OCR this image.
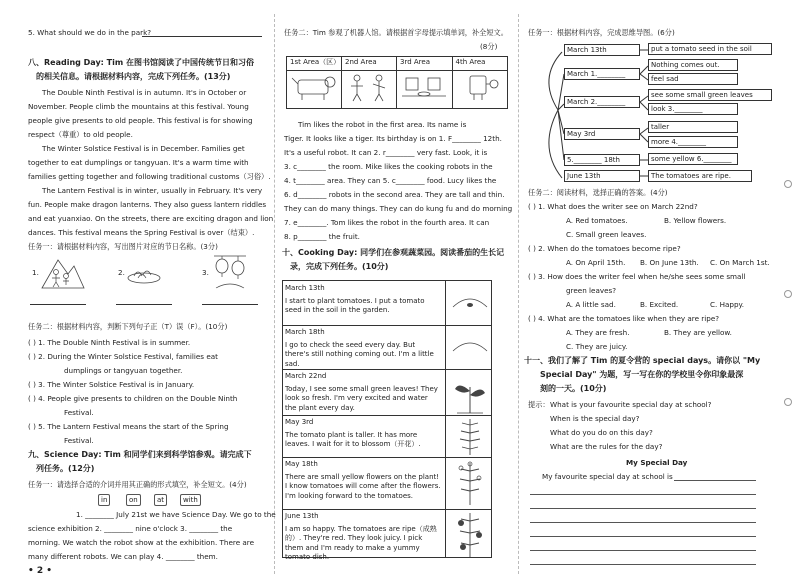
5. What should we do in the park?
八、Reading Day: Tim 在图书馆阅读了中国传统节日和习俗
的相关信息。请根据材料内容，完成下列任务。(13分)
The Double Ninth Festival is in autumn. It's in October or
November. People climb the mountains at this festival. Young
people give presents to old people. This festival is for showing
respect（尊重）to old people.
The Winter Solstice Festival is in December. Families get
together to eat dumplings or tangyuan. It's a warm time with
families getting together and following traditional customs（习俗）.
The Lantern Festival is in winter, usually in February. It's very
fun. People make dragon lanterns. They also guess lantern riddles
and eat yuanxiao. On the streets, there are exciting dragon and lion
dances. This festival means the Spring Festival is over（结束）.
任务一：请根据材料内容，写出图片对应的节日名称。(3分)
1.	2.	3.
任务二：根据材料内容，判断下列句子正（T）误（F）。(10分)
( ) 1. The Double Ninth Festival is in summer.
( ) 2. During the Winter Solstice Festival, families eat
dumplings or tangyuan together.
( ) 3. The Winter Solstice Festival is in January.
( ) 4. People give presents to children on the Double Ninth
Festival.
( ) 5. The Lantern Festival means the start of the Spring
Festival.
九、Science Day: Tim 和同学们来到科学馆参观。请完成下
列任务。(12分)
任务一：请选择合适的介词并用其正确的形式填空，补全短文。(4分)
in	on	at	with
1. ________ July 21st we have Science Day. We go to the
science exhibition 2. ________ nine o'clock 3. ________ the
morning. We watch the robot show at the exhibition. There are
many different robots. We can play 4. ________ them.
• 2 •
任务二：Tim 参观了机器人馆。请根据首字母提示填单词，补全短文。
(8分)
1st Area（区）	2nd Area	3rd Area	4th Area

Tim likes the robot in the first area. Its name is
Tiger. It looks like a tiger. Its birthday is on 1. F________ 12th.
It's a useful robot. It can 2. r________ very fast. Look, it is
3. c________ the room. Mike likes the cooking robots in the
4. t________ area. They can 5. c________ food. Lucy likes the
6. d________ robots in the second area. They are tall and thin.
They can do many things. They can do kung fu and do morning
7. e________. Tom likes the robot in the fourth area. It can
8. p________ the fruit.
十、Cooking Day: 同学们在参观蔬菜园。阅读番茄的生长记
录，完成下列任务。(10分)
March 13th
I start to plant tomatoes. I put a tomato seed in the soil in the garden.
March 18th
I go to check the seed every day. But there's still nothing coming out. I'm a little sad.
March 22nd
Today, I see some small green leaves! They look so fresh. I'm very excited and water the plant every day.
May 3rd
The tomato plant is taller. It has more leaves. I wait for it to blossom（开花）.
May 18th
There are small yellow flowers on the plant! I know tomatoes will come after the flowers. I'm looking forward to the tomatoes.
June 13th
I am so happy. The tomatoes are ripe（成熟的）. They're red. They look juicy. I pick them and I'm ready to make a yummy tomato dish.
任务一：根据材料内容，完成思维导图。(6分)
March 13th
March 1.________
March 2.________
May 3rd
5.________ 18th
June 13th
put a tomato seed in the soil
Nothing comes out.
feel sad
see some small green leaves
look 3.________
taller
more 4.________
some yellow 6.________
The tomatoes are ripe.
任务二：阅读材料，选择正确的答案。(4分)
( ) 1. What does the writer see on March 22nd?
A. Red tomatoes.	B. Yellow flowers.
C. Small green leaves.
( ) 2. When do the tomatoes become ripe?
A. On April 15th. B. On June 13th. C. On March 1st.
( ) 3. How does the writer feel when he/she sees some small
green leaves?
A. A little sad.	B. Excited.	C. Happy.
( ) 4. What are the tomatoes like when they are ripe?
A. They are fresh.	B. They are yellow.
C. They are juicy.
十一、我们了解了 Tim 的夏令营的 special days。请你以 "My
Special Day" 为题，写一写在你的学校里令你印象最深
刻的一天。(10分)
提示： What is your favourite special day at school?
When is the special day?
What do you do on this day?
What are the rules for the day?
My Special Day
My favourite special day at school is
